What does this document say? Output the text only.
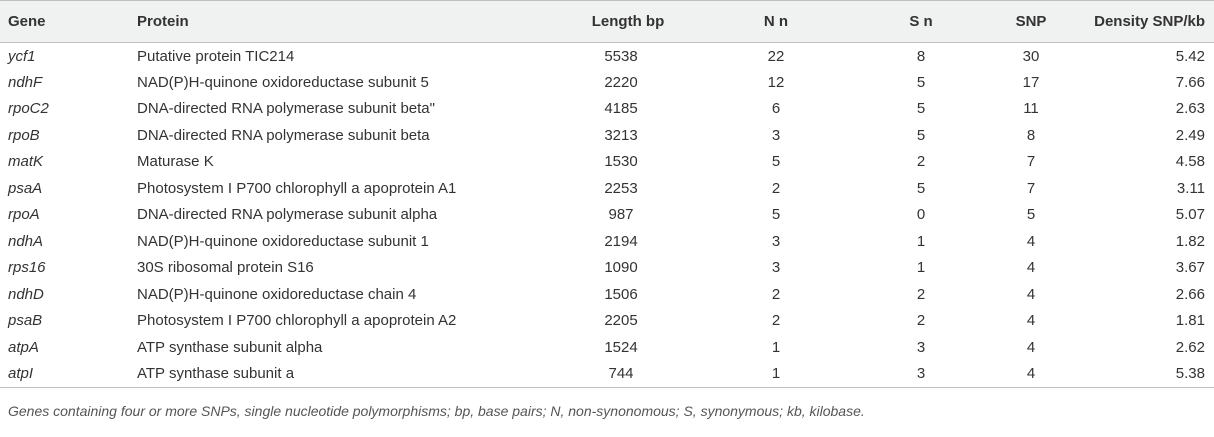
Gene	Protein	Length bp	N n	S n	SNP	Density SNP/kb
ycf1	Putative protein TIC214	5538	22	8	30	5.42
ndhF	NAD(P)H-quinone oxidoreductase subunit 5	2220	12	5	17	7.66
rpoC2	DNA-directed RNA polymerase subunit beta"	4185	6	5	11	2.63
rpoB	DNA-directed RNA polymerase subunit beta	3213	3	5	8	2.49
matK	Maturase K	1530	5	2	7	4.58
psaA	Photosystem I P700 chlorophyll a apoprotein A1	2253	2	5	7	3.11
rpoA	DNA-directed RNA polymerase subunit alpha	987	5	0	5	5.07
ndhA	NAD(P)H-quinone oxidoreductase subunit 1	2194	3	1	4	1.82
rps16	30S ribosomal protein S16	1090	3	1	4	3.67
ndhD	NAD(P)H-quinone oxidoreductase chain 4	1506	2	2	4	2.66
psaB	Photosystem I P700 chlorophyll a apoprotein A2	2205	2	2	4	1.81
atpA	ATP synthase subunit alpha	1524	1	3	4	2.62
atpI	ATP synthase subunit a	744	1	3	4	5.38
Genes containing four or more SNPs, single nucleotide polymorphisms; bp, base pairs; N, non-synonomous; S, synonymous; kb, kilobase.
